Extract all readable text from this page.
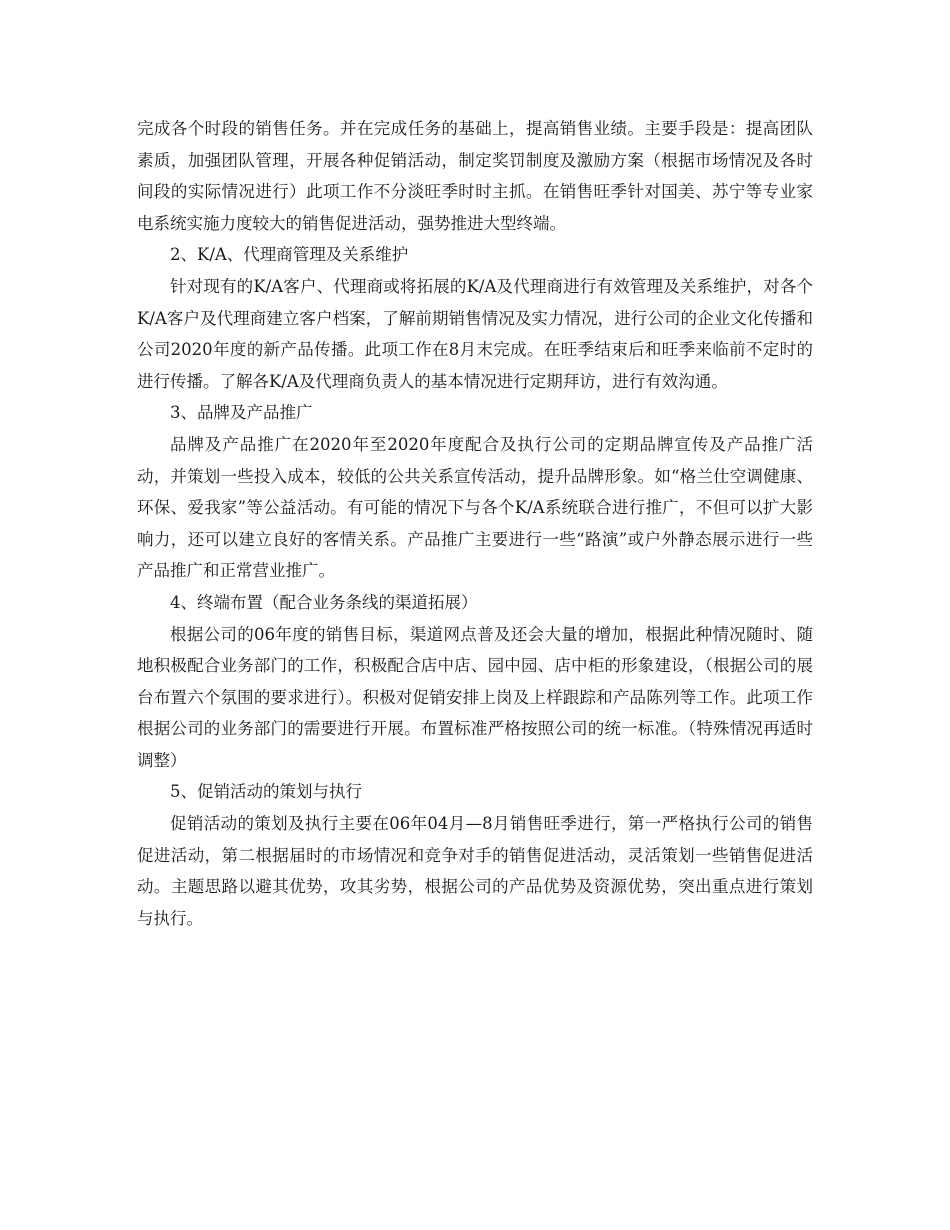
完成各个时段的销售任务。并在完成任务的基础上，提高销售业绩。主要手段是：提高团队素质，加强团队管理，开展各种促销活动，制定奖罚制度及激励方案（根据市场情况及各时间段的实际情况进行）此项工作不分淡旺季时时主抓。在销售旺季针对国美、苏宁等专业家电系统实施力度较大的销售促进活动，强势推进大型终端。

2、K/A、代理商管理及关系维护

针对现有的K/A客户、代理商或将拓展的K/A及代理商进行有效管理及关系维护，对各个K/A客户及代理商建立客户档案，了解前期销售情况及实力情况，进行公司的企业文化传播和公司2020年度的新产品传播。此项工作在8月末完成。在旺季结束后和旺季来临前不定时的进行传播。了解各K/A及代理商负责人的基本情况进行定期拜访，进行有效沟通。

3、品牌及产品推广

品牌及产品推广在2020年至2020年度配合及执行公司的定期品牌宣传及产品推广活动，并策划一些投入成本，较低的公共关系宣传活动，提升品牌形象。如“格兰仕空调健康、环保、爱我家”等公益活动。有可能的情况下与各个K/A系统联合进行推广，不但可以扩大影响力，还可以建立良好的客情关系。产品推广主要进行一些“路演”或户外静态展示进行一些产品推广和正常营业推广。

4、终端布置（配合业务条线的渠道拓展）

根据公司的06年度的销售目标，渠道网点普及还会大量的增加，根据此种情况随时、随地积极配合业务部门的工作，积极配合店中店、园中园、店中柜的形象建设，（根据公司的展台布置六个氛围的要求进行）。积极对促销安排上岗及上样跟踪和产品陈列等工作。此项工作根据公司的业务部门的需要进行开展。布置标准严格按照公司的统一标准。（特殊情况再适时调整）

5、促销活动的策划与执行

促销活动的策划及执行主要在06年04月—8月销售旺季进行，第一严格执行公司的销售促进活动，第二根据届时的市场情况和竞争对手的销售促进活动，灵活策划一些销售促进活动。主题思路以避其优势，攻其劣势，根据公司的产品优势及资源优势，突出重点进行策划与执行。
